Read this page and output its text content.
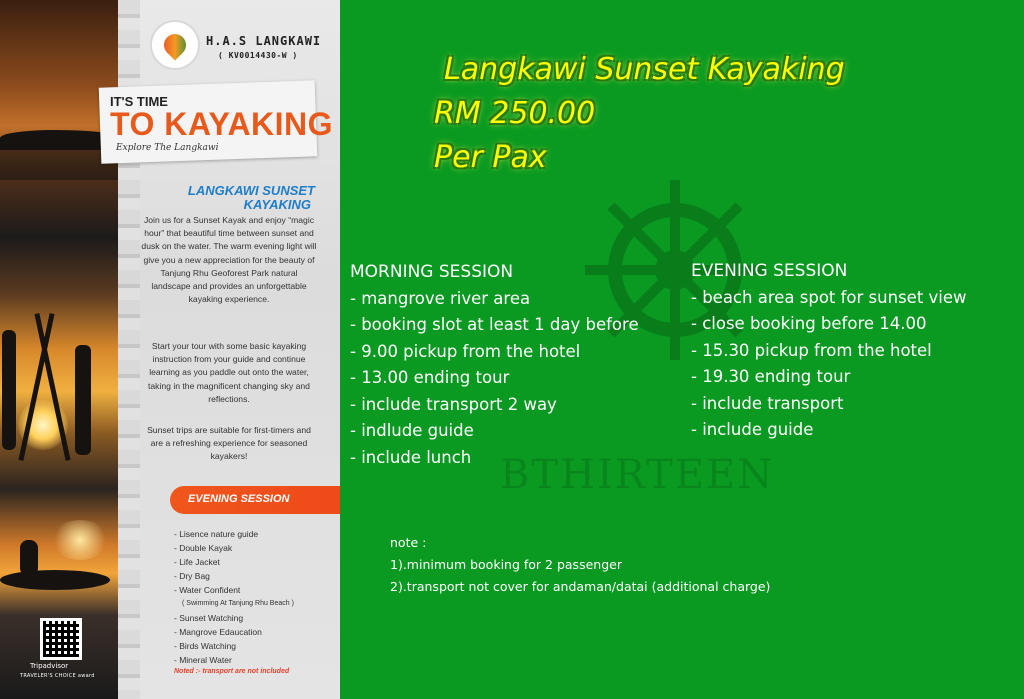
Tripadvisor
TRAVELER'S CHOICE award
H.A.S LANGKAWI
( KV0014430-W )
IT'S TIME
TO KAYAKING
Explore The Langkawi
LANGKAWI SUNSET
KAYAKING
Join us for a Sunset Kayak and enjoy “magic hour” that beautiful time between sunset and dusk on the water. The warm evening light will give you a new appreciation for the beauty of Tanjung Rhu Geoforest Park natural landscape and provides an unforgettable kayaking experience.
Start your tour with some basic kayaking instruction from your guide and continue learning as you paddle out onto the water, taking in the magnificent changing sky and reflections.
Sunset trips are suitable for first-timers and are a refreshing experience for seasoned kayakers!
EVENING SESSION
- Lisence nature guide
- Double Kayak
- Life Jacket
- Dry Bag
- Water Confident
( Swimming At Tanjung Rhu Beach )
- Sunset Watching
- Mangrove Edaucation
- Birds Watching
- Mineral Water
Noted :- transport are not included
BTHIRTEEN
Langkawi Sunset Kayaking
RM 250.00
Per Pax
MORNING SESSION
- mangrove river area
- booking slot at least 1 day before
- 9.00 pickup from the hotel
- 13.00 ending tour
- include transport 2 way
- indlude guide
- include lunch
EVENING SESSION
- beach area spot for sunset view
- close booking before 14.00
- 15.30 pickup from the hotel
- 19.30 ending tour
- include transport
- include guide
note :
1).minimum booking for 2 passenger
2).transport not cover for andaman/datai (additional charge)
